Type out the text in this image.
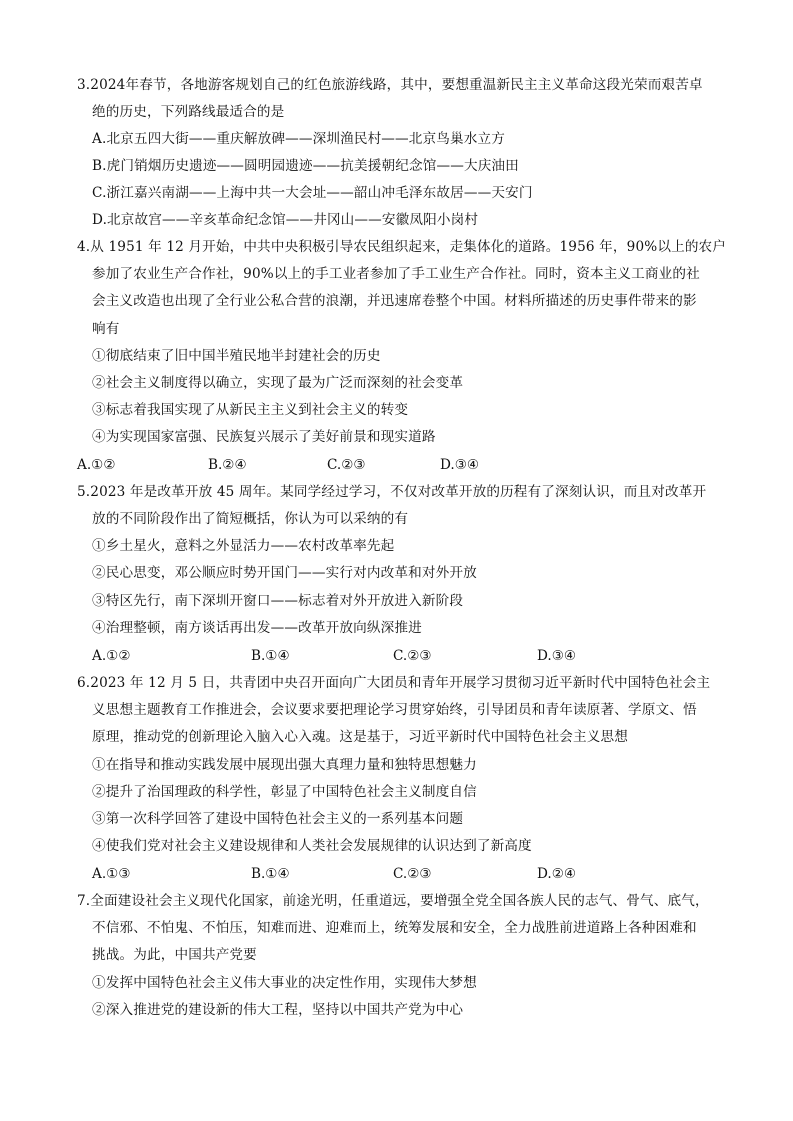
3.2024年春节，各地游客规划自己的红色旅游线路，其中，要想重温新民主主义革命这段光荣而艰苦卓
绝的历史，下列路线最适合的是
A.北京五四大街——重庆解放碑——深圳渔民村——北京鸟巢水立方
B.虎门销烟历史遗迹——圆明园遗迹——抗美援朝纪念馆——大庆油田
C.浙江嘉兴南湖——上海中共一大会址——韶山冲毛泽东故居——天安门
D.北京故宫——辛亥革命纪念馆——井冈山——安徽凤阳小岗村
4.从 1951 年 12 月开始，中共中央积极引导农民组织起来，走集体化的道路。1956 年，90%以上的农户
参加了农业生产合作社，90%以上的手工业者参加了手工业生产合作社。同时，资本主义工商业的社
会主义改造也出现了全行业公私合营的浪潮，并迅速席卷整个中国。材料所描述的历史事件带来的影
响有
①彻底结束了旧中国半殖民地半封建社会的历史
②社会主义制度得以确立，实现了最为广泛而深刻的社会变革
③标志着我国实现了从新民主主义到社会主义的转变
④为实现国家富强、民族复兴展示了美好前景和现实道路
A.①②	B.②④	C.②③	D.③④
5.2023 年是改革开放 45 周年。某同学经过学习，不仅对改革开放的历程有了深刻认识，而且对改革开
放的不同阶段作出了简短概括，你认为可以采纳的有
①乡土星火，意料之外显活力——农村改革率先起
②民心思变，邓公顺应时势开国门——实行对内改革和对外开放
③特区先行，南下深圳开窗口——标志着对外开放进入新阶段
④治理整顿，南方谈话再出发——改革开放向纵深推进
A.①②	B.①④	C.②③	D.③④
6.2023 年 12 月 5 日，共青团中央召开面向广大团员和青年开展学习贯彻习近平新时代中国特色社会主
义思想主题教育工作推进会，会议要求要把理论学习贯穿始终，引导团员和青年读原著、学原文、悟
原理，推动党的创新理论入脑入心入魂。这是基于，习近平新时代中国特色社会主义思想
①在指导和推动实践发展中展现出强大真理力量和独特思想魅力
②提升了治国理政的科学性，彰显了中国特色社会主义制度自信
③第一次科学回答了建设中国特色社会主义的一系列基本问题
④使我们党对社会主义建设规律和人类社会发展规律的认识达到了新高度
A.①③	B.①④	C.②③	D.②④
7.全面建设社会主义现代化国家，前途光明，任重道远，要增强全党全国各族人民的志气、骨气、底气，
不信邪、不怕鬼、不怕压，知难而进、迎难而上，统筹发展和安全，全力战胜前进道路上各种困难和
挑战。为此，中国共产党要
①发挥中国特色社会主义伟大事业的决定性作用，实现伟大梦想
②深入推进党的建设新的伟大工程，坚持以中国共产党为中心
